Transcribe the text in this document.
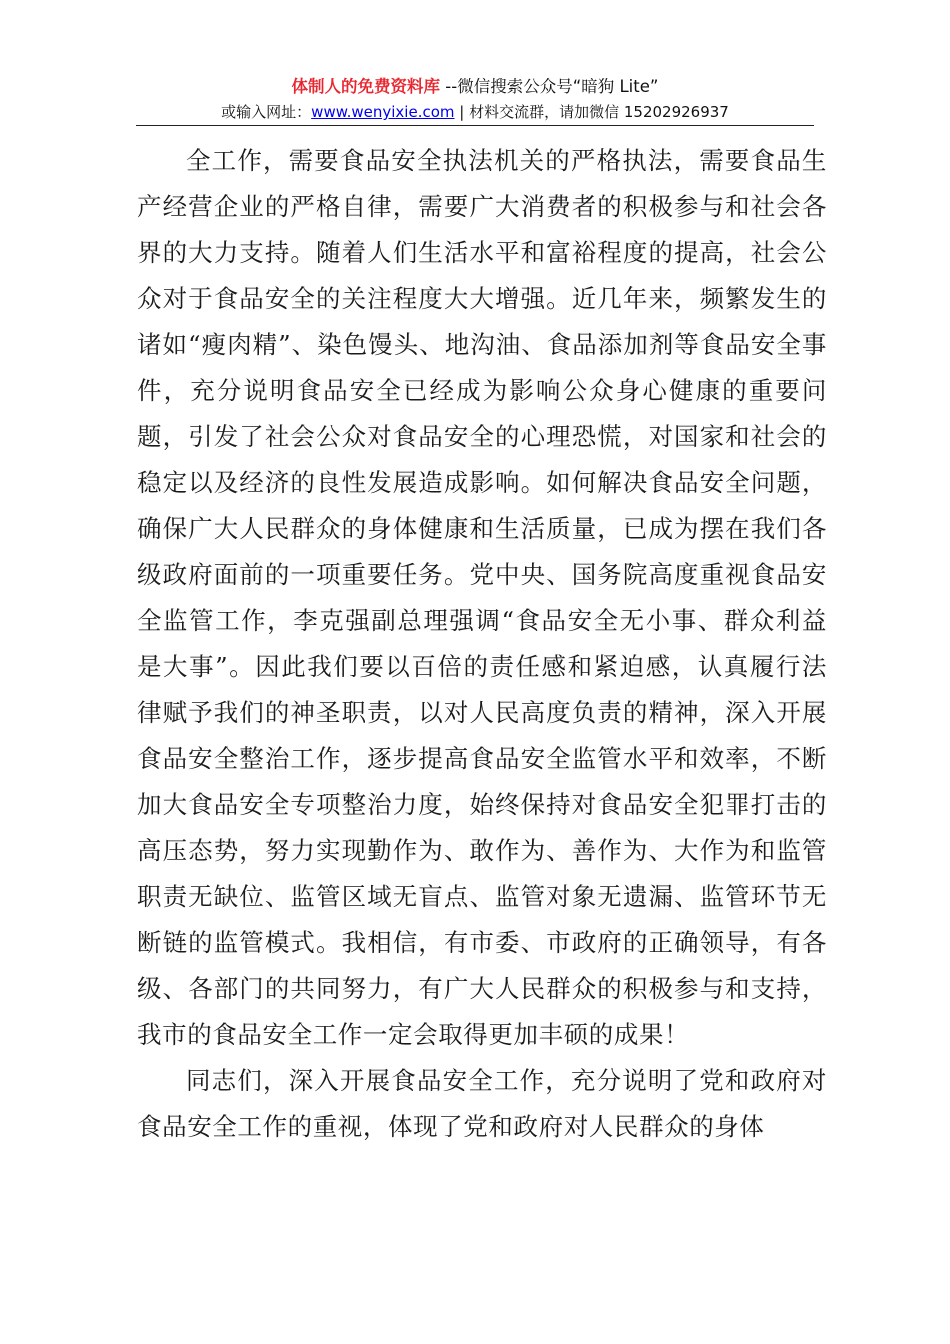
体制人的免费资料库 --微信搜索公众号“暗狗 Lite”
或输入网址：www.wenyixie.com | 材料交流群，请加微信 15202926937

全工作，需要食品安全执法机关的严格执法，需要食品生产经营企业的严格自律，需要广大消费者的积极参与和社会各界的大力支持。随着人们生活水平和富裕程度的提高，社会公众对于食品安全的关注程度大大增强。近几年来，频繁发生的诸如“瘦肉精”、染色馒头、地沟油、食品添加剂等食品安全事件，充分说明食品安全已经成为影响公众身心健康的重要问题，引发了社会公众对食品安全的心理恐慌，对国家和社会的稳定以及经济的良性发展造成影响。如何解决食品安全问题，确保广大人民群众的身体健康和生活质量，已成为摆在我们各级政府面前的一项重要任务。党中央、国务院高度重视食品安全监管工作，李克强副总理强调“食品安全无小事、群众利益是大事”。因此我们要以百倍的责任感和紧迫感，认真履行法律赋予我们的神圣职责，以对人民高度负责的精神，深入开展食品安全整治工作，逐步提高食品安全监管水平和效率，不断加大食品安全专项整治力度，始终保持对食品安全犯罪打击的高压态势，努力实现勤作为、敢作为、善作为、大作为和监管职责无缺位、监管区域无盲点、监管对象无遗漏、监管环节无断链的监管模式。我相信，有市委、市政府的正确领导，有各级、各部门的共同努力，有广大人民群众的积极参与和支持，我市的食品安全工作一定会取得更加丰硕的成果！

同志们，深入开展食品安全工作，充分说明了党和政府对食品安全工作的重视，体现了党和政府对人民群众的身体
